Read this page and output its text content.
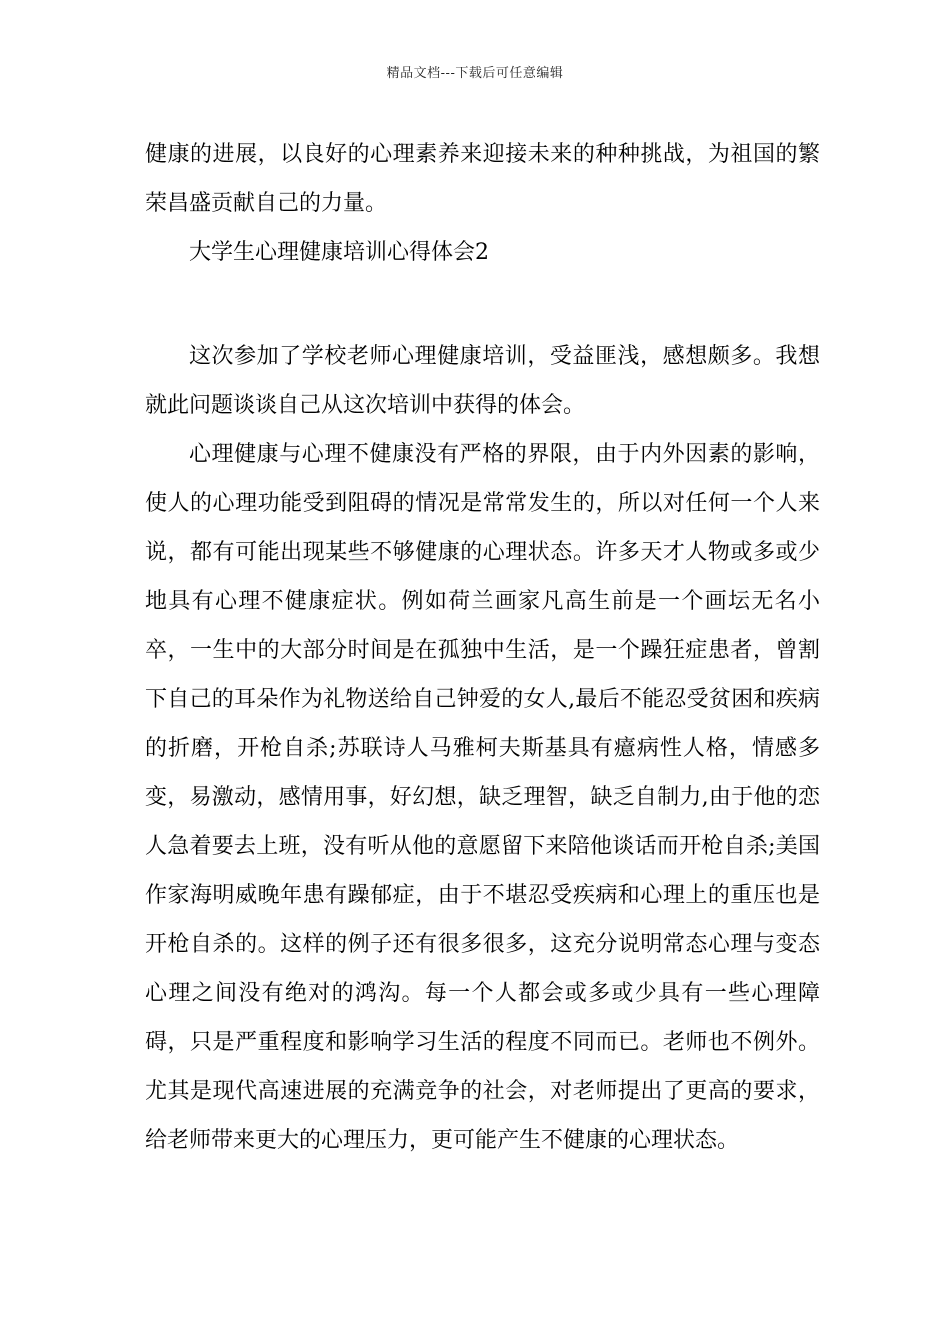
精品文档---下载后可任意编辑

健康的进展，以良好的心理素养来迎接未来的种种挑战，为祖国的繁荣昌盛贡献自己的力量。

大学生心理健康培训心得体会2

这次参加了学校老师心理健康培训，受益匪浅，感想颇多。我想就此问题谈谈自己从这次培训中获得的体会。

心理健康与心理不健康没有严格的界限，由于内外因素的影响，使人的心理功能受到阻碍的情况是常常发生的，所以对任何一个人来说，都有可能出现某些不够健康的心理状态。许多天才人物或多或少地具有心理不健康症状。例如荷兰画家凡高生前是一个画坛无名小卒，一生中的大部分时间是在孤独中生活，是一个躁狂症患者，曾割下自己的耳朵作为礼物送给自己钟爱的女人,最后不能忍受贫困和疾病的折磨，开枪自杀;苏联诗人马雅柯夫斯基具有癔病性人格，情感多变，易激动，感情用事，好幻想，缺乏理智，缺乏自制力,由于他的恋人急着要去上班，没有听从他的意愿留下来陪他谈话而开枪自杀;美国作家海明威晚年患有躁郁症，由于不堪忍受疾病和心理上的重压也是开枪自杀的。这样的例子还有很多很多，这充分说明常态心理与变态心理之间没有绝对的鸿沟。每一个人都会或多或少具有一些心理障碍，只是严重程度和影响学习生活的程度不同而已。老师也不例外。尤其是现代高速进展的充满竞争的社会，对老师提出了更高的要求，给老师带来更大的心理压力，更可能产生不健康的心理状态。
